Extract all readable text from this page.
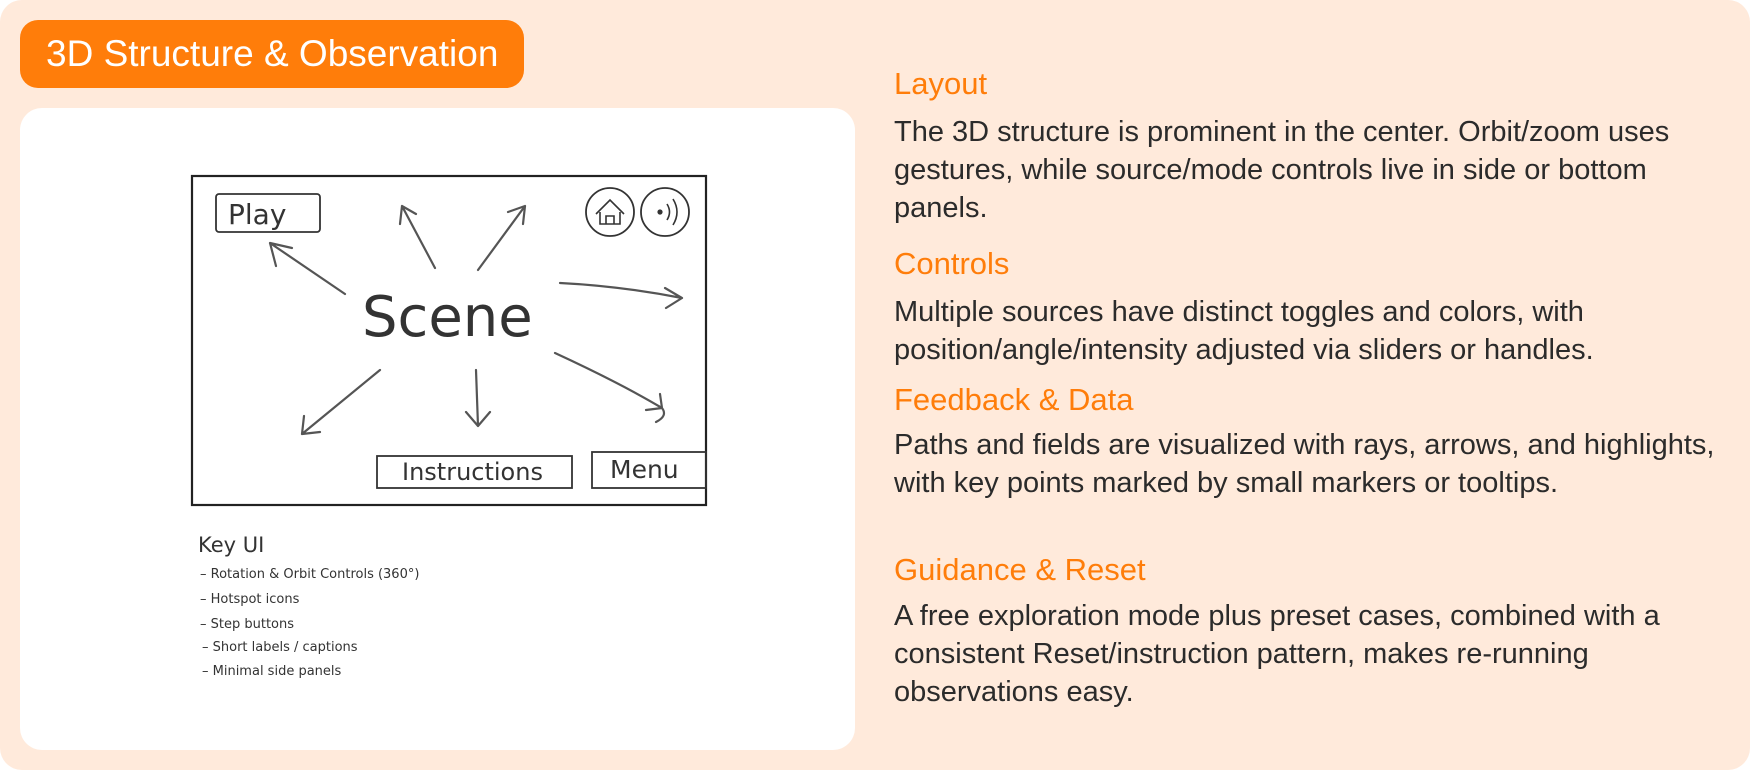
3D Structure & Observation
Play
Scene
Instructions	Menu
Key UI
– Rotation & Orbit Controls (360°)
– Hotspot icons
– Step buttons
– Short labels / captions
– Minimal side panels
Layout
The 3D structure is prominent in the center. Orbit/zoom uses gestures, while source/mode controls live in side or bottom panels.
Controls
Multiple sources have distinct toggles and colors, with position/angle/intensity adjusted via sliders or handles.
Feedback & Data
Paths and fields are visualized with rays, arrows, and highlights, with key points marked by small markers or tooltips.
Guidance & Reset
A free exploration mode plus preset cases, combined with a consistent Reset/instruction pattern, makes re-running observations easy.
